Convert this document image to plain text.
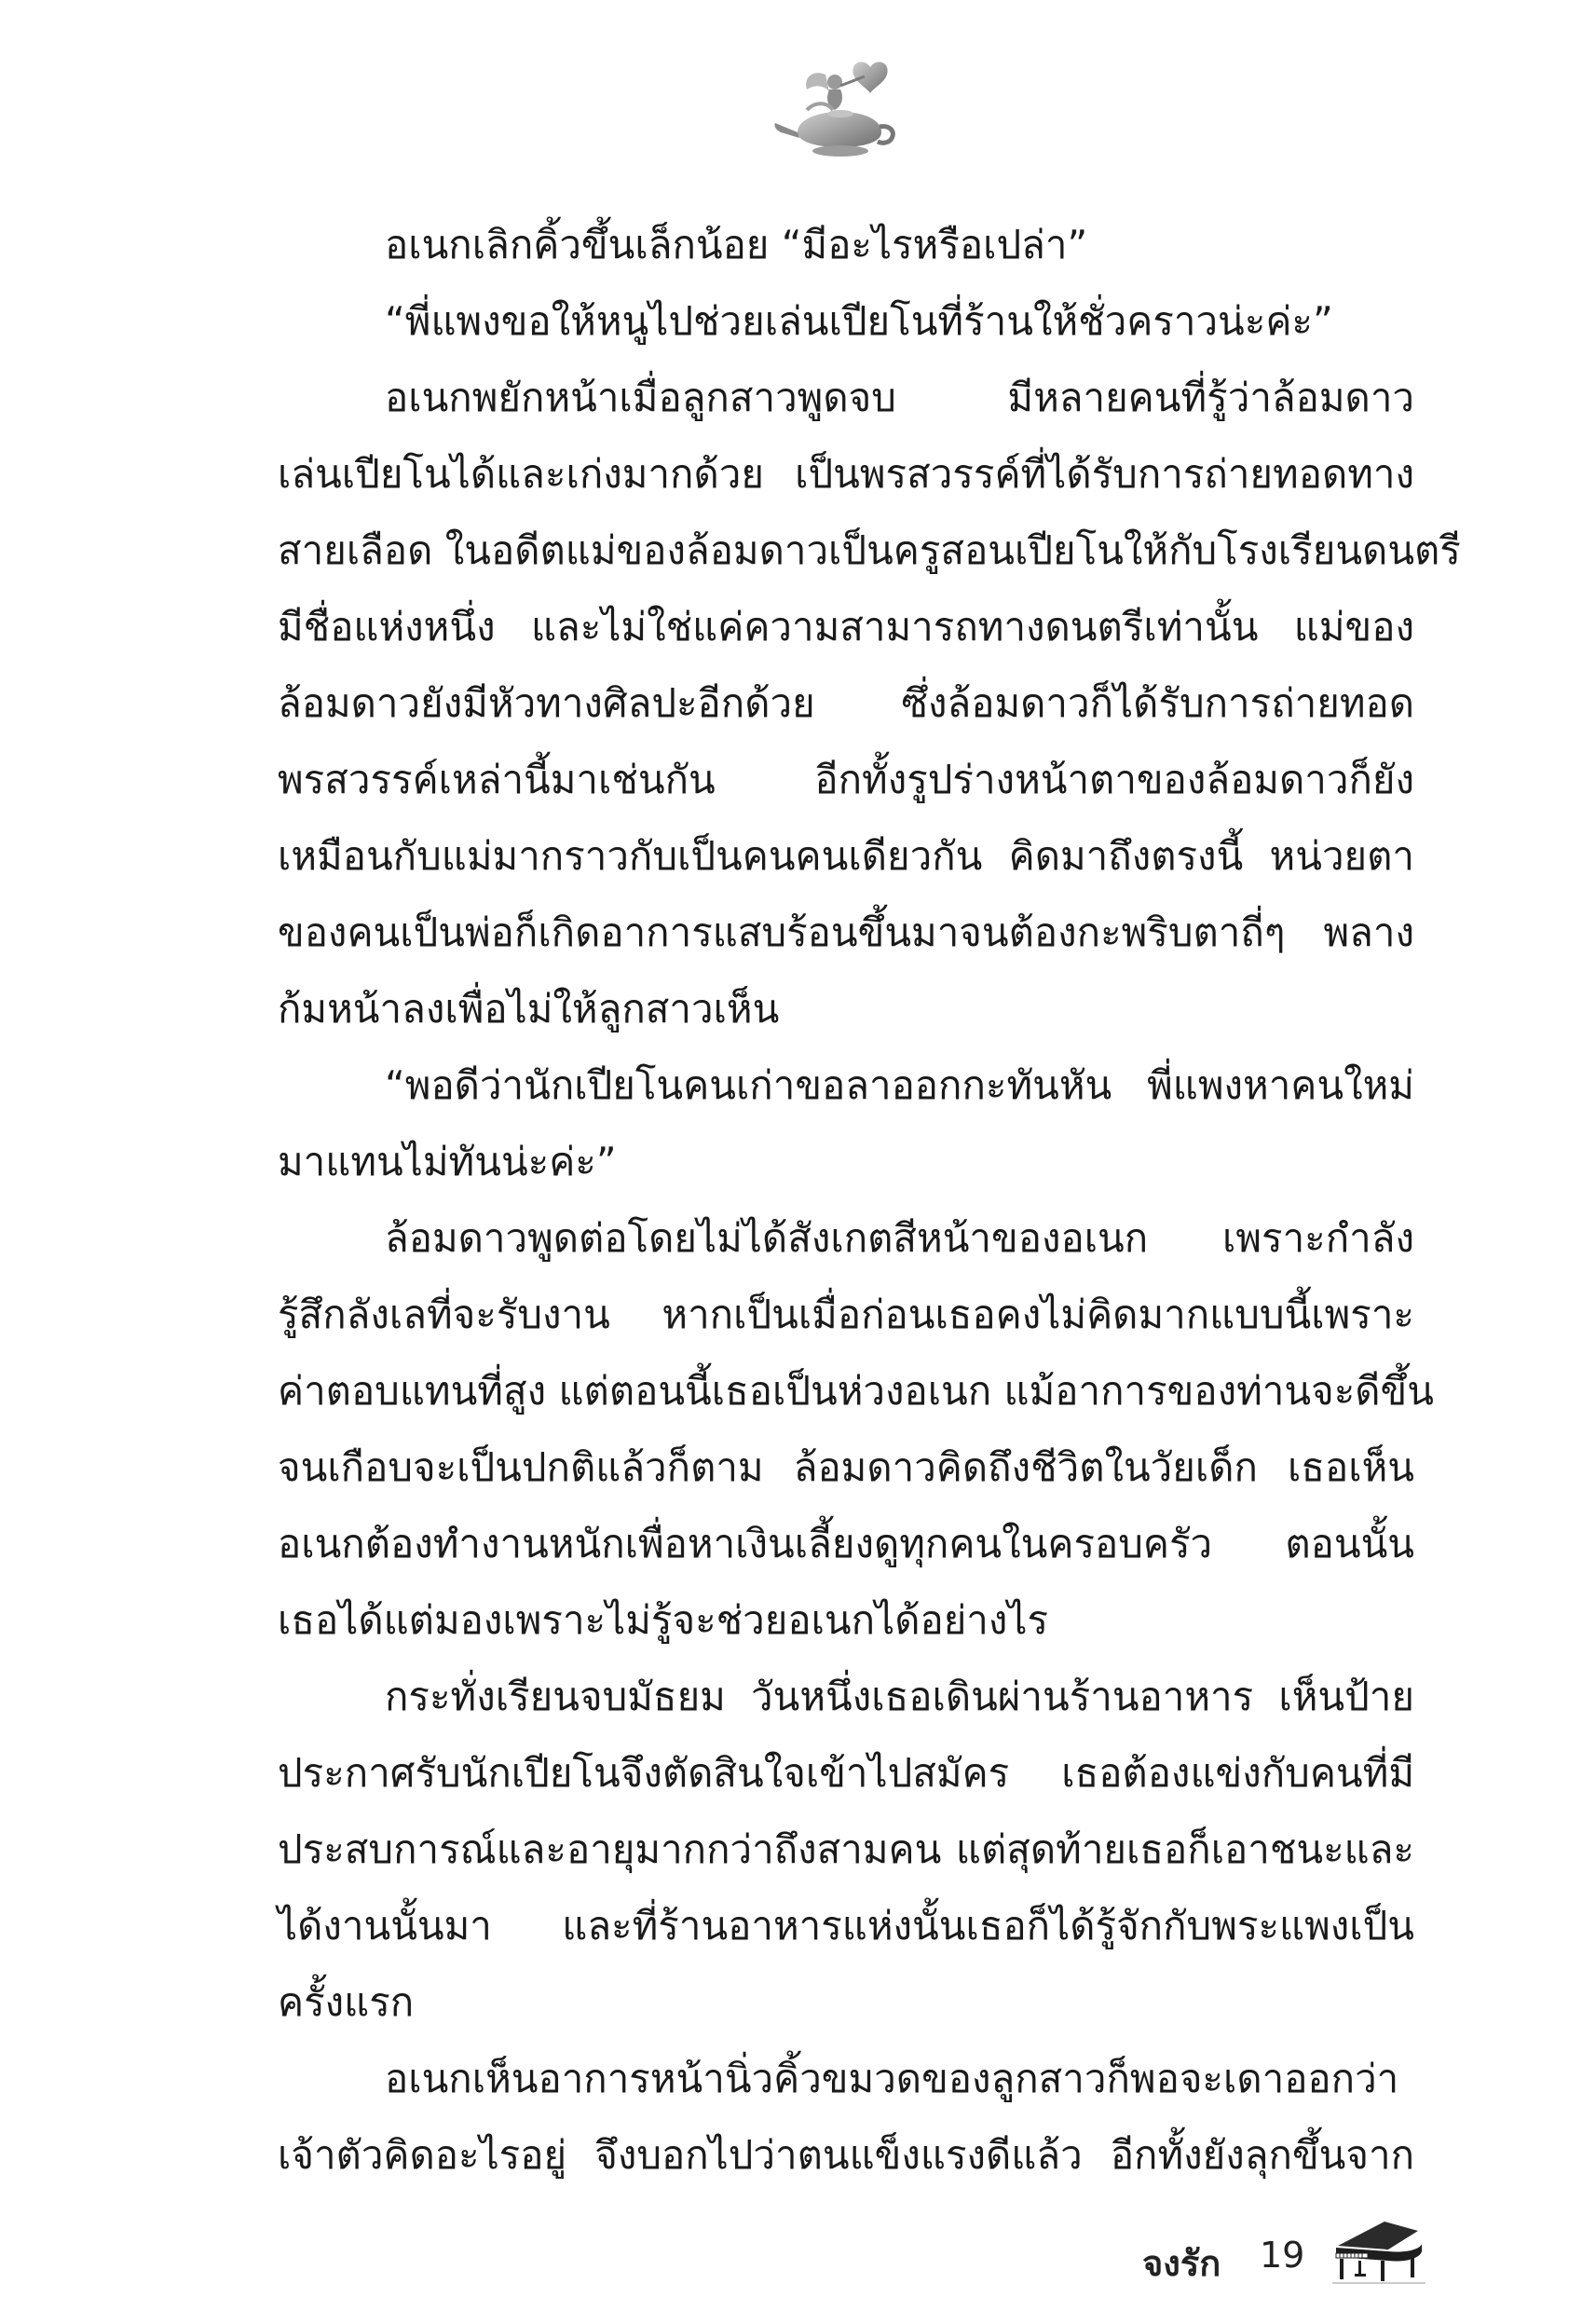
อเนกเลิกคิ้วขึ้นเล็กน้อย “มีอะไรหรือเปล่า”
“พี่แพงขอให้หนูไปช่วยเล่นเปียโนที่ร้านให้ชั่วคราวน่ะค่ะ”
อเนกพยักหน้าเมื่อลูกสาวพูดจบ มีหลายคนที่รู้ว่าล้อมดาว
เล่นเปียโนได้และเก่งมากด้วย เป็นพรสวรรค์ที่ได้รับการถ่ายทอดทาง
สายเลือด ในอดีตแม่ของล้อมดาวเป็นครูสอนเปียโนให้กับโรงเรียนดนตรี
มีชื่อแห่งหนึ่ง และไม่ใช่แค่ความสามารถทางดนตรีเท่านั้น แม่ของ
ล้อมดาวยังมีหัวทางศิลปะอีกด้วย ซึ่งล้อมดาวก็ได้รับการถ่ายทอด
พรสวรรค์เหล่านี้มาเช่นกัน อีกทั้งรูปร่างหน้าตาของล้อมดาวก็ยัง
เหมือนกับแม่มากราวกับเป็นคนคนเดียวกัน คิดมาถึงตรงนี้ หน่วยตา
ของคนเป็นพ่อก็เกิดอาการแสบร้อนขึ้นมาจนต้องกะพริบตาถี่ๆ พลาง
ก้มหน้าลงเพื่อไม่ให้ลูกสาวเห็น
“พอดีว่านักเปียโนคนเก่าขอลาออกกะทันหัน พี่แพงหาคนใหม่
มาแทนไม่ทันน่ะค่ะ”
ล้อมดาวพูดต่อโดยไม่ได้สังเกตสีหน้าของอเนก เพราะกำลัง
รู้สึกลังเลที่จะรับงาน หากเป็นเมื่อก่อนเธอคงไม่คิดมากแบบนี้เพราะ
ค่าตอบแทนที่สูง แต่ตอนนี้เธอเป็นห่วงอเนก แม้อาการของท่านจะดีขึ้น
จนเกือบจะเป็นปกติแล้วก็ตาม ล้อมดาวคิดถึงชีวิตในวัยเด็ก เธอเห็น
อเนกต้องทำงานหนักเพื่อหาเงินเลี้ยงดูทุกคนในครอบครัว ตอนนั้น
เธอได้แต่มองเพราะไม่รู้จะช่วยอเนกได้อย่างไร
กระทั่งเรียนจบมัธยม วันหนึ่งเธอเดินผ่านร้านอาหาร เห็นป้าย
ประกาศรับนักเปียโนจึงตัดสินใจเข้าไปสมัคร เธอต้องแข่งกับคนที่มี
ประสบการณ์และอายุมากกว่าถึงสามคน แต่สุดท้ายเธอก็เอาชนะและ
ได้งานนั้นมา และที่ร้านอาหารแห่งนั้นเธอก็ได้รู้จักกับพระแพงเป็น
ครั้งแรก
อเนกเห็นอาการหน้านิ่วคิ้วขมวดของลูกสาวก็พอจะเดาออกว่า
เจ้าตัวคิดอะไรอยู่ จึงบอกไปว่าตนแข็งแรงดีแล้ว อีกทั้งยังลุกขึ้นจาก
จงรัก 19
